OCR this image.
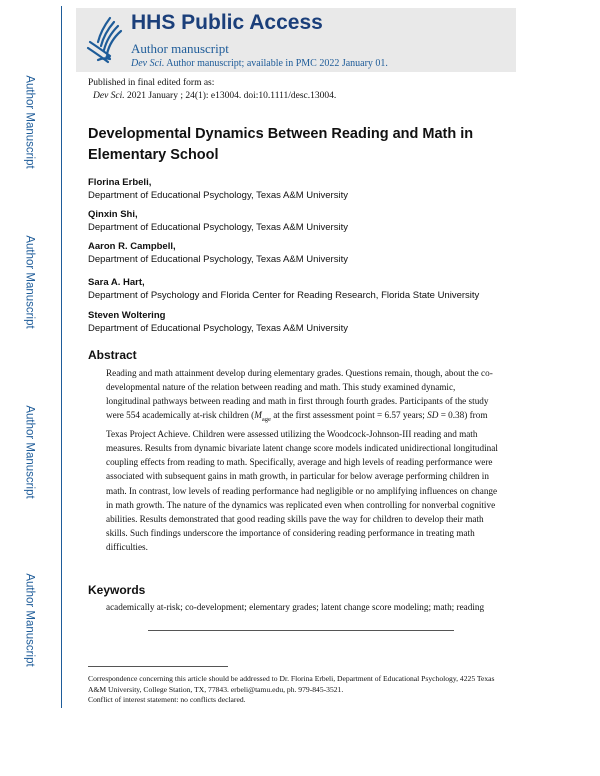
Author Manuscript
Author Manuscript
Author Manuscript
Author Manuscript
HHS Public Access
Author manuscript
Dev Sci. Author manuscript; available in PMC 2022 January 01.
Published in final edited form as:
Dev Sci. 2021 January ; 24(1): e13004. doi:10.1111/desc.13004.
Developmental Dynamics Between Reading and Math in Elementary School
Florina Erbeli,
Department of Educational Psychology, Texas A&M University
Qinxin Shi,
Department of Educational Psychology, Texas A&M University
Aaron R. Campbell,
Department of Educational Psychology, Texas A&M University
Sara A. Hart,
Department of Psychology and Florida Center for Reading Research, Florida State University
Steven Woltering
Department of Educational Psychology, Texas A&M University
Abstract
Reading and math attainment develop during elementary grades. Questions remain, though, about the co-developmental nature of the relation between reading and math. This study examined dynamic, longitudinal pathways between reading and math in first through fourth grades. Participants of the study were 554 academically at-risk children ($M_{age}$ at the first assessment point = 6.57 years; SD = 0.38) from Texas Project Achieve. Children were assessed utilizing the Woodcock-Johnson-III reading and math measures. Results from dynamic bivariate latent change score models indicated unidirectional longitudinal coupling effects from reading to math. Specifically, average and high levels of reading performance were associated with subsequent gains in math growth, in particular for below average performing children in math. In contrast, low levels of reading performance had negligible or no amplifying influences on change in math growth. The nature of the dynamics was replicated even when controlling for nonverbal cognitive abilities. Results demonstrated that good reading skills pave the way for children to develop their math skills. Such findings underscore the importance of considering reading performance in treating math difficulties.
Keywords
academically at-risk; co-development; elementary grades; latent change score modeling; math; reading
Correspondence concerning this article should be addressed to Dr. Florina Erbeli, Department of Educational Psychology, 4225 Texas A&M University, College Station, TX, 77843. erbeli@tamu.edu, ph. 979-845-3521.
Conflict of interest statement: no conflicts declared.
